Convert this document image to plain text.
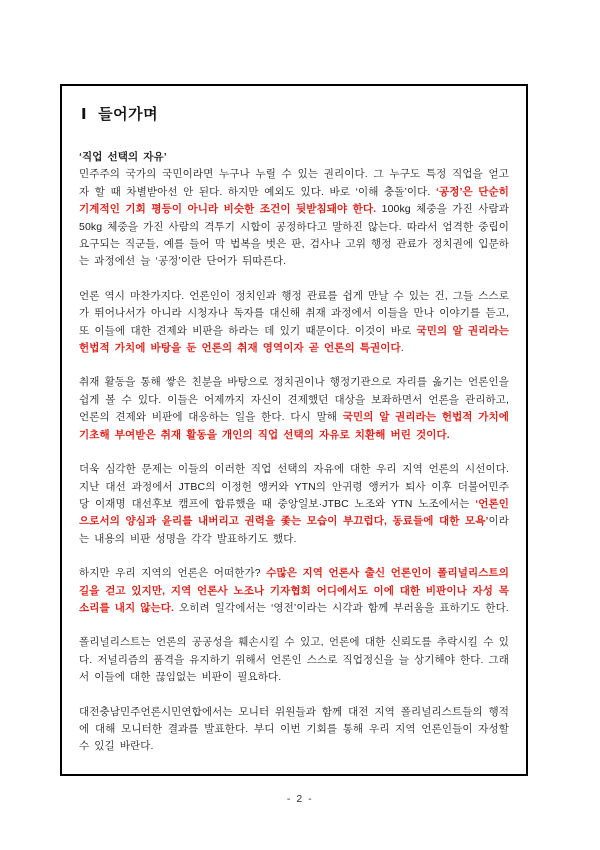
Ⅰ 들어가며

‘직업 선택의 자유’

민주주의 국가의 국민이라면 누구나 누릴 수 있는 권리이다. 그 누구도 특정 직업을 얻고자 할 때 차별받아선 안 된다. 하지만 예외도 있다. 바로 ‘이해 충돌’이다. ‘공정’은 단순히 기계적인 기회 평등이 아니라 비슷한 조건이 뒷받침돼야 한다. 100kg 체중을 가진 사람과 50kg 체중을 가진 사람의 격투기 시합이 공정하다고 말하진 않는다. 따라서 엄격한 중립이 요구되는 직군들, 예를 들어 막 법복을 벗은 판, 검사나 고위 행정 관료가 정치권에 입문하는 과정에선 늘 ‘공정’이란 단어가 뒤따른다.

언론 역시 마찬가지다. 언론인이 정치인과 행정 관료를 쉽게 만날 수 있는 건, 그들 스스로가 뛰어나서가 아니라 시청자나 독자를 대신해 취재 과정에서 이들을 만나 이야기를 듣고, 또 이들에 대한 견제와 비판을 하라는 데 있기 때문이다. 이것이 바로 국민의 알 권리라는 헌법적 가치에 바탕을 둔 언론의 취재 영역이자 곧 언론의 특권이다.

취재 활동을 통해 쌓은 친분을 바탕으로 정치권이나 행정기관으로 자리를 옮기는 언론인을 쉽게 볼 수 있다. 이들은 어제까지 자신이 견제했던 대상을 보좌하면서 언론을 관리하고, 언론의 견제와 비판에 대응하는 일을 한다. 다시 말해 국민의 알 권리라는 헌법적 가치에 기초해 부여받은 취재 활동을 개인의 직업 선택의 자유로 치환해 버린 것이다.

더욱 심각한 문제는 이들의 이러한 직업 선택의 자유에 대한 우리 지역 언론의 시선이다. 지난 대선 과정에서 JTBC의 이정헌 앵커와 YTN의 안귀령 앵커가 퇴사 이후 더불어민주당 이재명 대선후보 캠프에 합류했을 때 중앙일보·JTBC 노조와 YTN 노조에서는 ‘언론인으로서의 양심과 윤리를 내버리고 권력을 좇는 모습이 부끄럽다, 동료들에 대한 모욕’이라는 내용의 비판 성명을 각각 발표하기도 했다.

하지만 우리 지역의 언론은 어떠한가? 수많은 지역 언론사 출신 언론인이 폴리널리스트의 길을 걷고 있지만, 지역 언론사 노조나 기자협회 어디에서도 이에 대한 비판이나 자성 목소리를 내지 않는다. 오히려 일각에서는 ‘영전’이라는 시각과 함께 부러움을 표하기도 한다.

폴리널리스트는 언론의 공공성을 훼손시킬 수 있고, 언론에 대한 신뢰도를 추락시킬 수 있다. 저널리즘의 품격을 유지하기 위해서 언론인 스스로 직업정신을 늘 상기해야 한다. 그래서 이들에 대한 끊임없는 비판이 필요하다.

대전충남민주언론시민연합에서는 모니터 위원들과 함께 대전 지역 폴리널리스트들의 행적에 대해 모니터한 결과를 발표한다. 부디 이번 기회를 통해 우리 지역 언론인들이 자성할 수 있길 바란다.

- 2 -
